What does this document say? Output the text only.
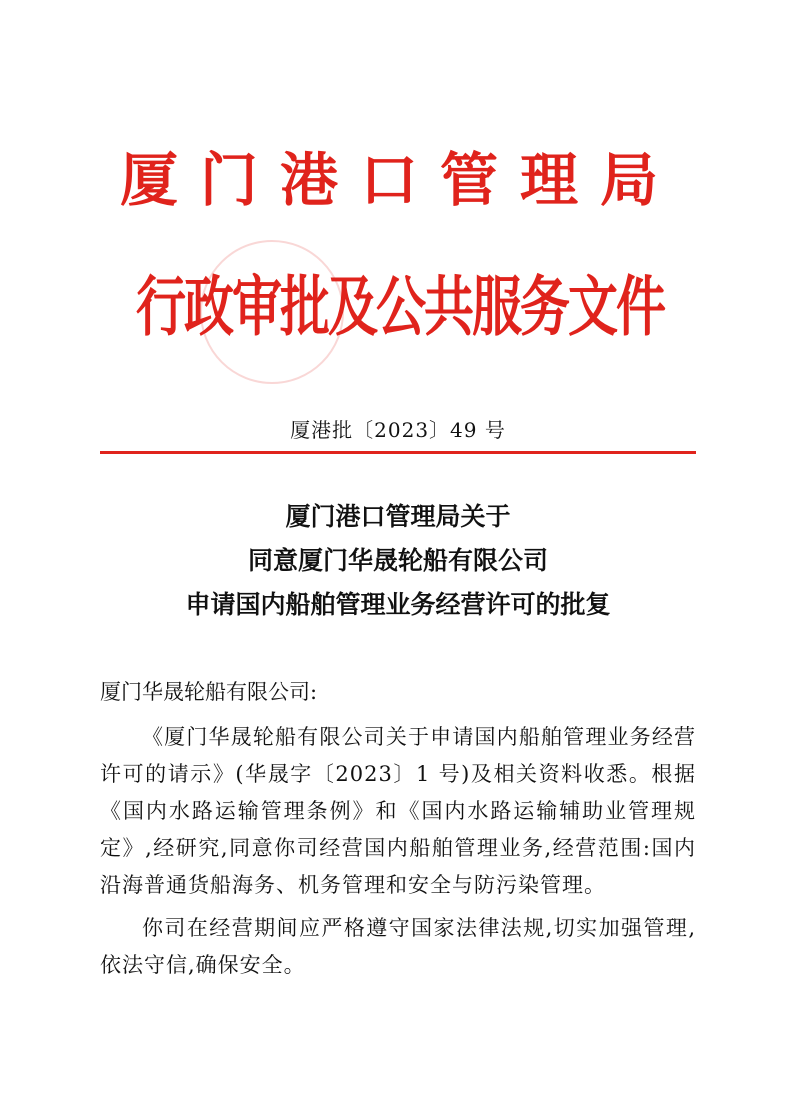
厦门港口管理局
行政审批及公共服务文件
厦港批〔2023〕49 号
厦门港口管理局关于
同意厦门华晟轮船有限公司
申请国内船舶管理业务经营许可的批复

厦门华晟轮船有限公司:

《厦门华晟轮船有限公司关于申请国内船舶管理业务经营许可的请示》(华晟字〔2023〕1 号)及相关资料收悉。根据《国内水路运输管理条例》和《国内水路运输辅助业管理规定》,经研究,同意你司经营国内船舶管理业务,经营范围:国内沿海普通货船海务、机务管理和安全与防污染管理。

你司在经营期间应严格遵守国家法律法规,切实加强管理,依法守信,确保安全。
